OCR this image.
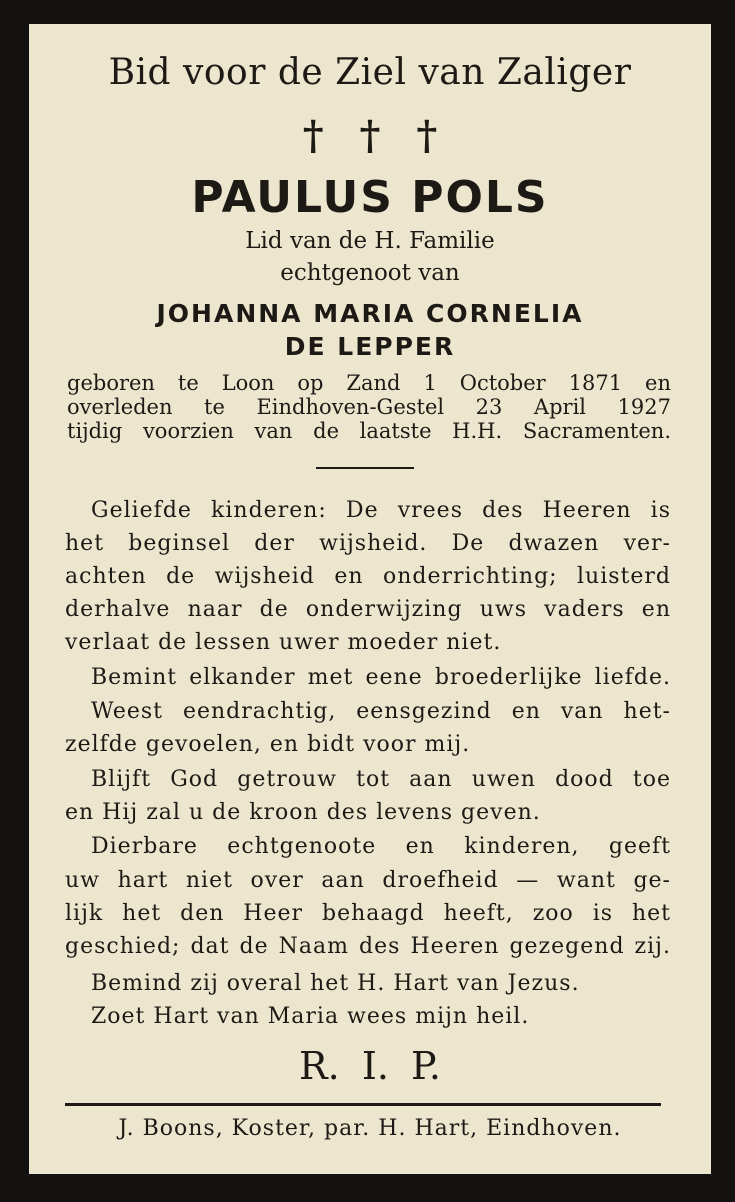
Bid voor de Ziel van Zaliger
† † †
PAULUS POLS
Lid van de H. Familie
echtgenoot van
JOHANNA MARIA CORNELIA
DE LEPPER
geboren te Loon op Zand 1 October 1871 en
overleden te Eindhoven-Gestel 23 April 1927
tijdig voorzien van de laatste H.H. Sacramenten.
Geliefde kinderen: De vrees des Heeren is
het beginsel der wijsheid. De dwazen ver-
achten de wijsheid en onderrichting; luisterd
derhalve naar de onderwijzing uws vaders en
verlaat de lessen uwer moeder niet.
Bemint elkander met eene broederlijke liefde.
Weest eendrachtig, eensgezind en van het-
zelfde gevoelen, en bidt voor mij.
Blijft God getrouw tot aan uwen dood toe
en Hij zal u de kroon des levens geven.
Dierbare echtgenoote en kinderen, geeft
uw hart niet over aan droefheid — want ge-
lijk het den Heer behaagd heeft, zoo is het
geschied; dat de Naam des Heeren gezegend zij.
Bemind zij overal het H. Hart van Jezus.
Zoet Hart van Maria wees mijn heil.
R. I. P.
J. Boons, Koster, par. H. Hart, Eindhoven.
